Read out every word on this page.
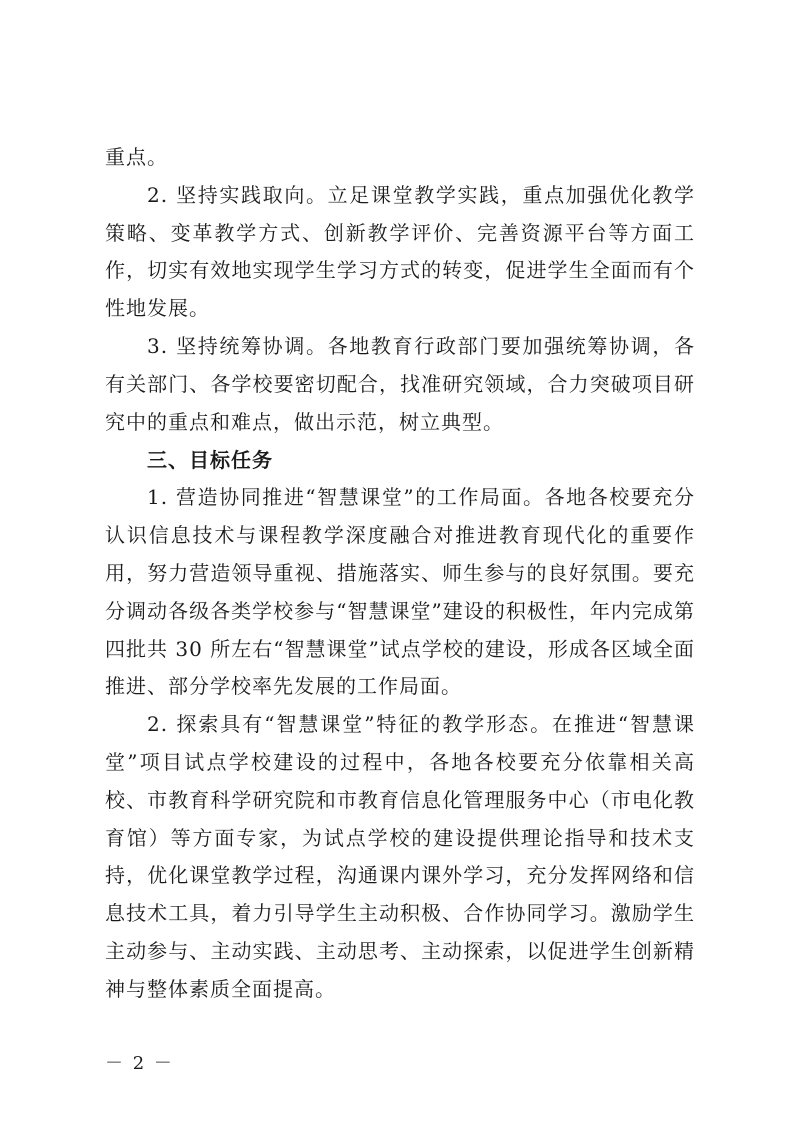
重点。

2. 坚持实践取向。立足课堂教学实践，重点加强优化教学策略、变革教学方式、创新教学评价、完善资源平台等方面工作，切实有效地实现学生学习方式的转变，促进学生全面而有个性地发展。

3. 坚持统筹协调。各地教育行政部门要加强统筹协调，各有关部门、各学校要密切配合，找准研究领域，合力突破项目研究中的重点和难点，做出示范，树立典型。

三、目标任务

1. 营造协同推进“智慧课堂”的工作局面。各地各校要充分认识信息技术与课程教学深度融合对推进教育现代化的重要作用，努力营造领导重视、措施落实、师生参与的良好氛围。要充分调动各级各类学校参与“智慧课堂”建设的积极性，年内完成第四批共 30 所左右“智慧课堂”试点学校的建设，形成各区域全面推进、部分学校率先发展的工作局面。

2. 探索具有“智慧课堂”特征的教学形态。在推进“智慧课堂”项目试点学校建设的过程中，各地各校要充分依靠相关高校、市教育科学研究院和市教育信息化管理服务中心（市电化教育馆）等方面专家，为试点学校的建设提供理论指导和技术支持，优化课堂教学过程，沟通课内课外学习，充分发挥网络和信息技术工具，着力引导学生主动积极、合作协同学习。激励学生主动参与、主动实践、主动思考、主动探索，以促进学生创新精神与整体素质全面提高。

－ 2 －
